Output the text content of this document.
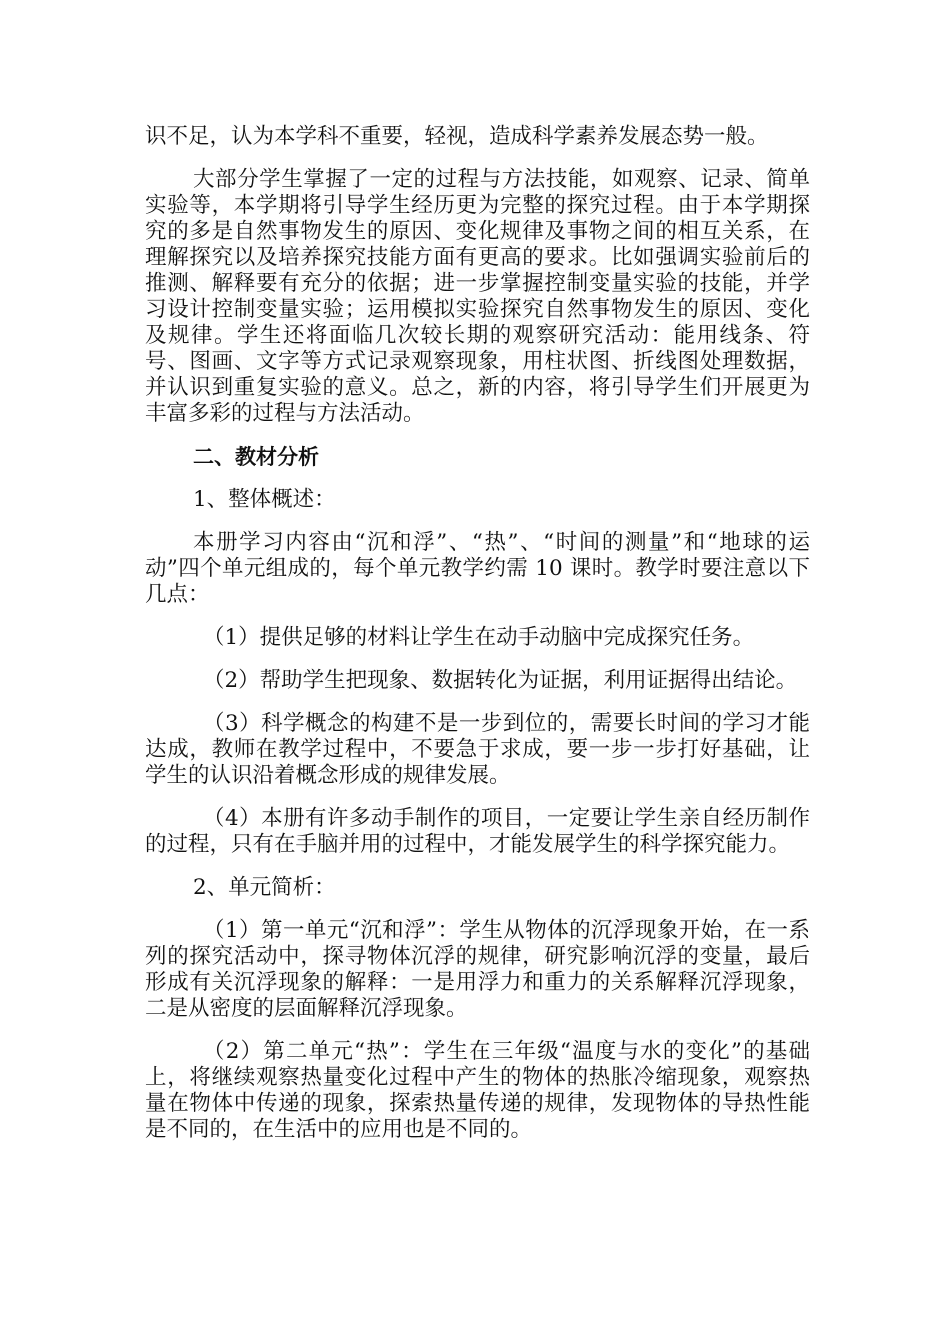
识不足，认为本学科不重要，轻视，造成科学素养发展态势一般。

大部分学生掌握了一定的过程与方法技能，如观察、记录、简单实验等，本学期将引导学生经历更为完整的探究过程。由于本学期探究的多是自然事物发生的原因、变化规律及事物之间的相互关系，在理解探究以及培养探究技能方面有更高的要求。比如强调实验前后的推测、解释要有充分的依据；进一步掌握控制变量实验的技能，并学习设计控制变量实验；运用模拟实验探究自然事物发生的原因、变化及规律。学生还将面临几次较长期的观察研究活动：能用线条、符号、图画、文字等方式记录观察现象，用柱状图、折线图处理数据，并认识到重复实验的意义。总之，新的内容，将引导学生们开展更为丰富多彩的过程与方法活动。

二、教材分析

1、整体概述：

本册学习内容由“沉和浮”、“热”、“时间的测量”和“地球的运动”四个单元组成的，每个单元教学约需 10 课时。教学时要注意以下几点：

（1）提供足够的材料让学生在动手动脑中完成探究任务。

（2）帮助学生把现象、数据转化为证据，利用证据得出结论。

（3）科学概念的构建不是一步到位的，需要长时间的学习才能达成，教师在教学过程中，不要急于求成，要一步一步打好基础，让学生的认识沿着概念形成的规律发展。

（4）本册有许多动手制作的项目，一定要让学生亲自经历制作的过程，只有在手脑并用的过程中，才能发展学生的科学探究能力。

2、单元简析：

（1）第一单元“沉和浮”：学生从物体的沉浮现象开始，在一系列的探究活动中，探寻物体沉浮的规律，研究影响沉浮的变量，最后形成有关沉浮现象的解释：一是用浮力和重力的关系解释沉浮现象，二是从密度的层面解释沉浮现象。

（2）第二单元“热”：学生在三年级“温度与水的变化”的基础上，将继续观察热量变化过程中产生的物体的热胀冷缩现象，观察热量在物体中传递的现象，探索热量传递的规律，发现物体的导热性能是不同的，在生活中的应用也是不同的。
